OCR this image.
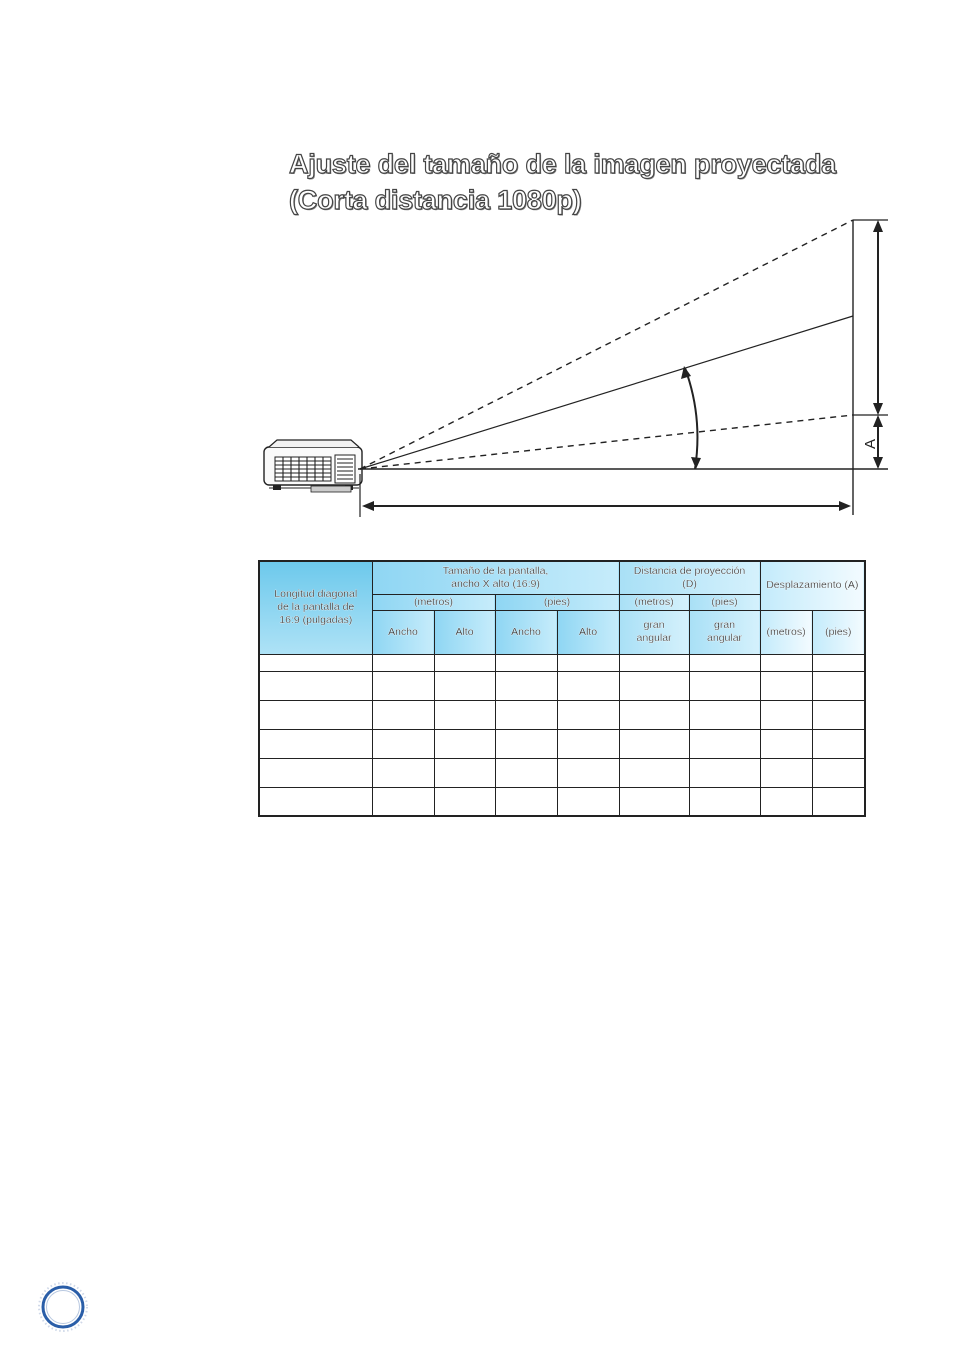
Ajuste del tamaño de la imagen proyectada
(Corta distancia 1080p)
A
Longitud diagonal de la pantalla de 16:9 (pulgadas)	Tamaño de la pantalla, ancho X alto (16:9)				Distancia de proyección (D)		Desplazamiento (A)	
	(metros)		(pies)		(metros)	(pies)		
	Ancho	Alto	Ancho	Alto	gran angular	gran angular	(metros)	(pies)
